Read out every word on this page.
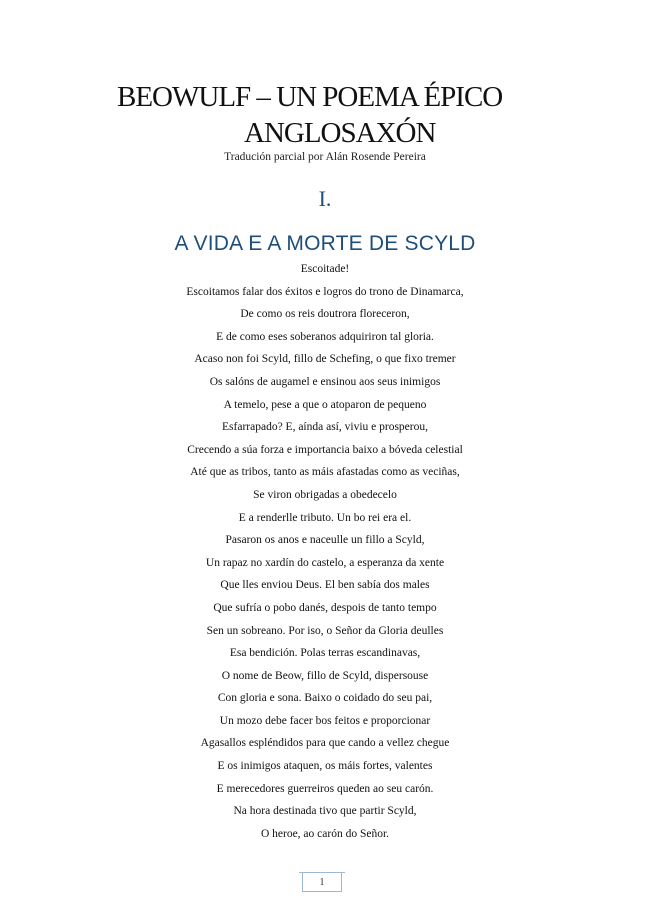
BEOWULF – UN POEMA ÉPICO
ANGLOSAXÓN
Tradución parcial por Alán Rosende Pereira
I.
A VIDA E A MORTE DE SCYLD
Escoitade!
Escoitamos falar dos éxitos e logros do trono de Dinamarca,
De como os reis doutrora floreceron,
E de como eses soberanos adquiriron tal gloria.
Acaso non foi Scyld, fillo de Schefing, o que fixo tremer
Os salóns de augamel e ensinou aos seus inimigos
A temelo, pese a que o atoparon de pequeno
Esfarrapado? E, aínda así, viviu e prosperou,
Crecendo a súa forza e importancia baixo a bóveda celestial
Até que as tribos, tanto as máis afastadas como as veciñas,
Se viron obrigadas a obedecelo
E a renderlle tributo. Un bo rei era el.
Pasaron os anos e naceulle un fillo a Scyld,
Un rapaz no xardín do castelo, a esperanza da xente
Que lles enviou Deus. El ben sabía dos males
Que sufría o pobo danés, despois de tanto tempo
Sen un sobreano. Por iso, o Señor da Gloria deulles
Esa bendición. Polas terras escandinavas,
O nome de Beow, fillo de Scyld, dispersouse
Con gloria e sona. Baixo o coidado do seu pai,
Un mozo debe facer bos feitos e proporcionar
Agasallos espléndidos para que cando a vellez chegue
E os inimigos ataquen, os máis fortes, valentes
E merecedores guerreiros queden ao seu carón.
Na hora destinada tivo que partir Scyld,
O heroe, ao carón do Señor.
1
